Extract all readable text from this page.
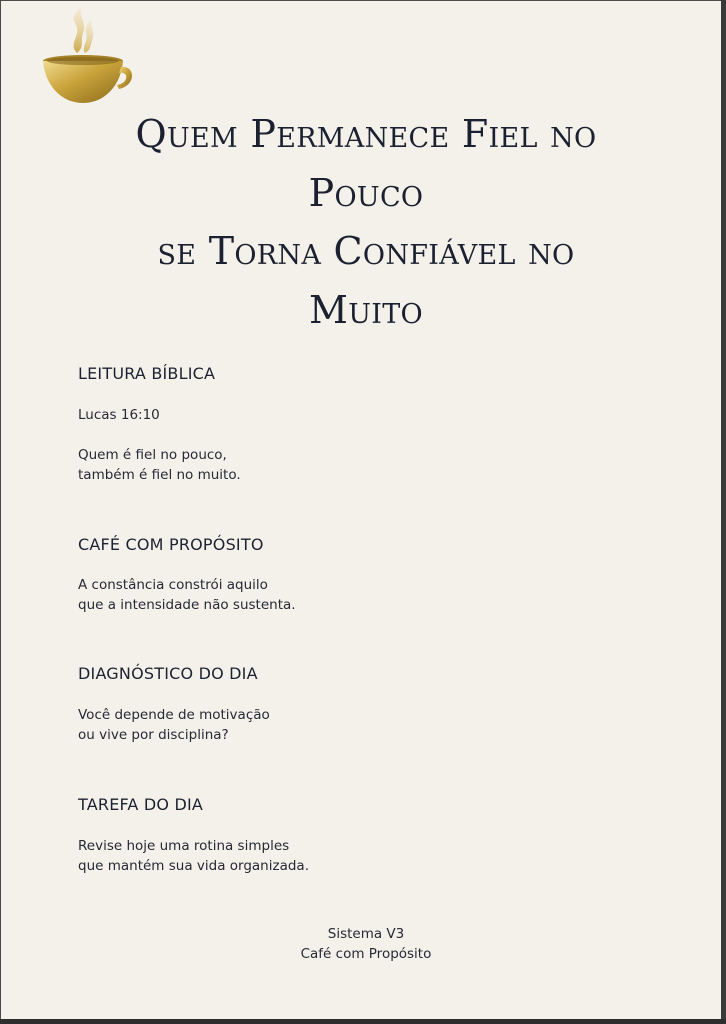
Quem Permanece Fiel no
Pouco
se Torna Confiável no
Muito
LEITURA BÍBLICA

Lucas 16:10

Quem é fiel no pouco,
também é fiel no muito.

CAFÉ COM PROPÓSITO

A constância constrói aquilo
que a intensidade não sustenta.

DIAGNÓSTICO DO DIA

Você depende de motivação
ou vive por disciplina?

TAREFA DO DIA

Revise hoje uma rotina simples
que mantém sua vida organizada.

Sistema V3
Café com Propósito
